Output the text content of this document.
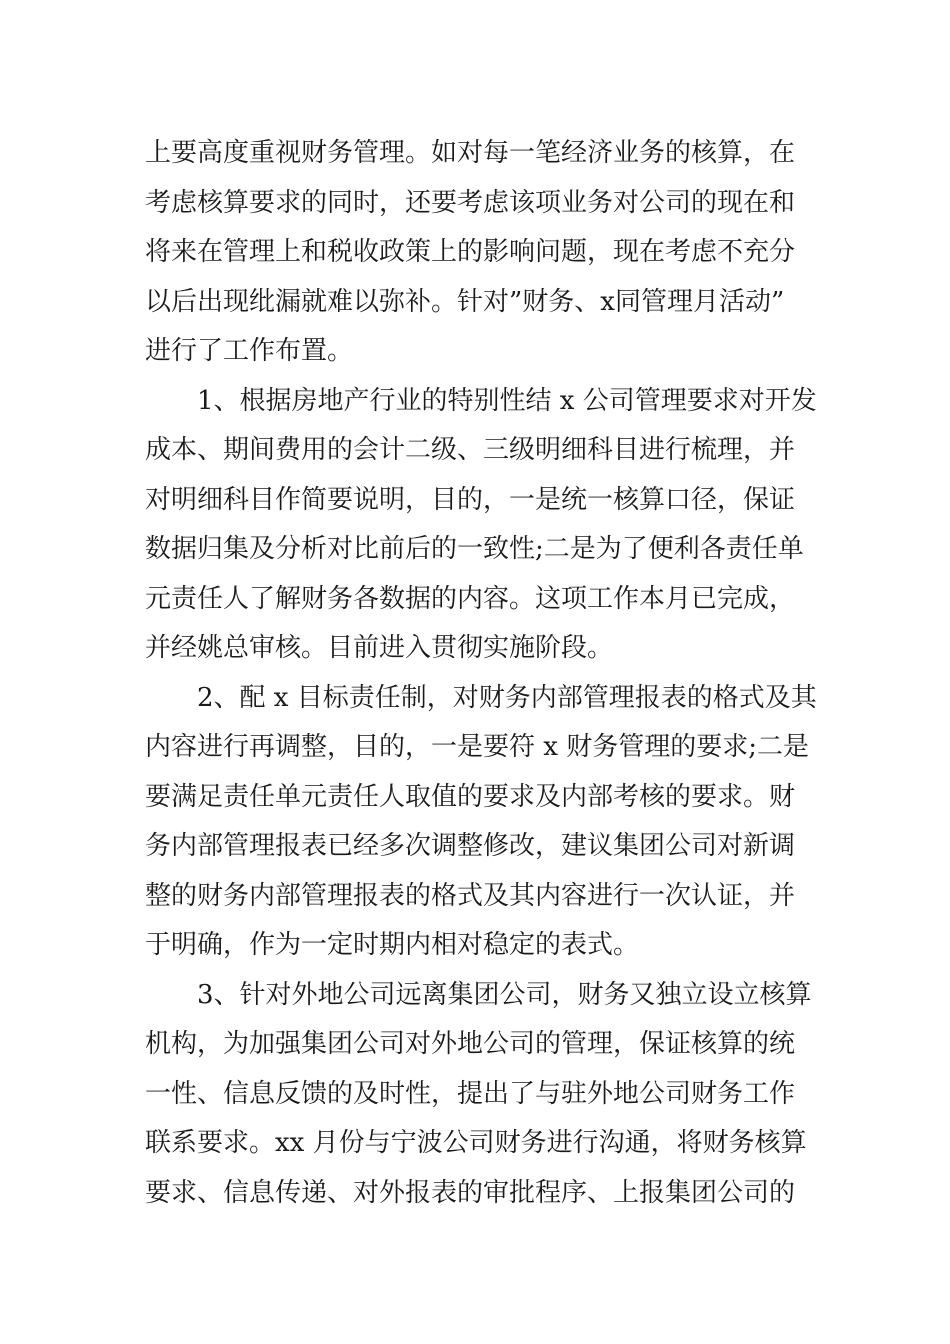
上要高度重视财务管理。如对每一笔经济业务的核算，在
考虑核算要求的同时，还要考虑该项业务对公司的现在和
将来在管理上和税收政策上的影响问题，现在考虑不充分
以后出现纰漏就难以弥补。针对”财务、x同管理月活动”
进行了工作布置。
1、根据房地产行业的特别性结 x 公司管理要求对开发
成本、期间费用的会计二级、三级明细科目进行梳理，并
对明细科目作简要说明，目的，一是统一核算口径，保证
数据归集及分析对比前后的一致性;二是为了便利各责任单
元责任人了解财务各数据的内容。这项工作本月已完成，
并经姚总审核。目前进入贯彻实施阶段。
2、配 x 目标责任制，对财务内部管理报表的格式及其
内容进行再调整，目的，一是要符 x 财务管理的要求;二是
要满足责任单元责任人取值的要求及内部考核的要求。财
务内部管理报表已经多次调整修改，建议集团公司对新调
整的财务内部管理报表的格式及其内容进行一次认证，并
于明确，作为一定时期内相对稳定的表式。
3、针对外地公司远离集团公司，财务又独立设立核算
机构，为加强集团公司对外地公司的管理，保证核算的统
一性、信息反馈的及时性，提出了与驻外地公司财务工作
联系要求。xx 月份与宁波公司财务进行沟通，将财务核算
要求、信息传递、对外报表的审批程序、上报集团公司的
